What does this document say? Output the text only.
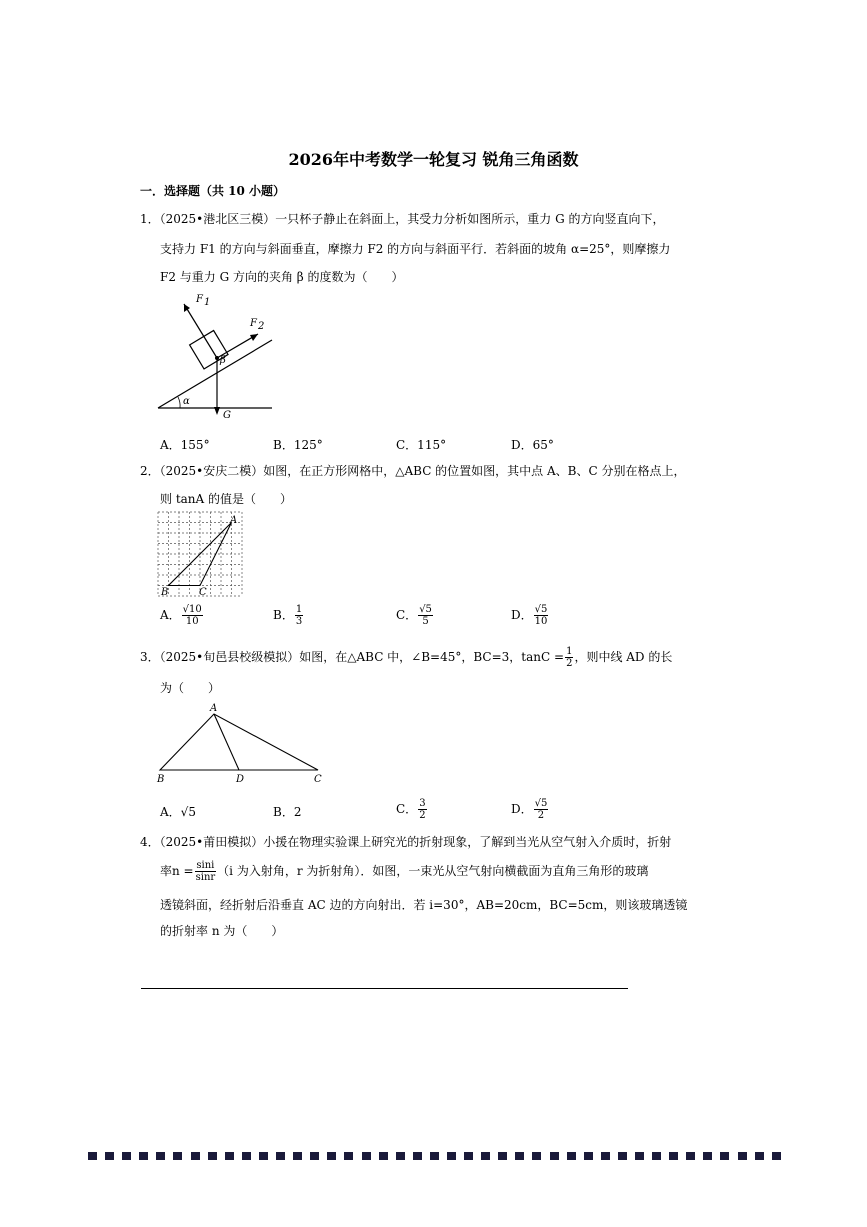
2026年中考数学一轮复习 锐角三角函数
一．选择题（共 10 小题）
1．（2025•港北区三模）一只杯子静止在斜面上，其受力分析如图所示，重力 G 的方向竖直向下，
支持力 F1 的方向与斜面垂直，摩擦力 F2 的方向与斜面平行．若斜面的坡角 α=25°，则摩擦力
F2 与重力 G 方向的夹角 β 的度数为（　　）
F 1
F 2
β
α
G
A．155°	B．125°	C．115°	D．65°
2．（2025•安庆二模）如图，在正方形网格中，△ABC 的位置如图，其中点 A、B、C 分别在格点上，
则 tanA 的值是（　　）
A
B	C
A． $\frac{√10}{10}$	B． $\frac{1}{3}$	C． $\frac{√5}{5}$	D． $\frac{√5}{10}$
3．（2025•旬邑县校级模拟）如图，在△ABC 中，∠B=45°，BC=3，$\tan C = \frac{1}{2}$ ，则中线 AD 的长
为（　　）
A
B	D	C
A．√5	B．2	C． $\frac{3}{2}$	D． $\frac{√5}{2}$
4．（2025•莆田模拟）小援在物理实验课上研究光的折射现象，了解到当光从空气射入介质时，折射
率$n = \frac{\sin i}{\sin r} (i$ 为入射角，r 为折射角）．如图，一束光从空气射向横截面为直角三角形的玻璃
透镜斜面，经折射后沿垂直 AC 边的方向射出．若 i=30°，AB=20cm，BC=5cm，则该玻璃透镜
的折射率 n 为（　　）
